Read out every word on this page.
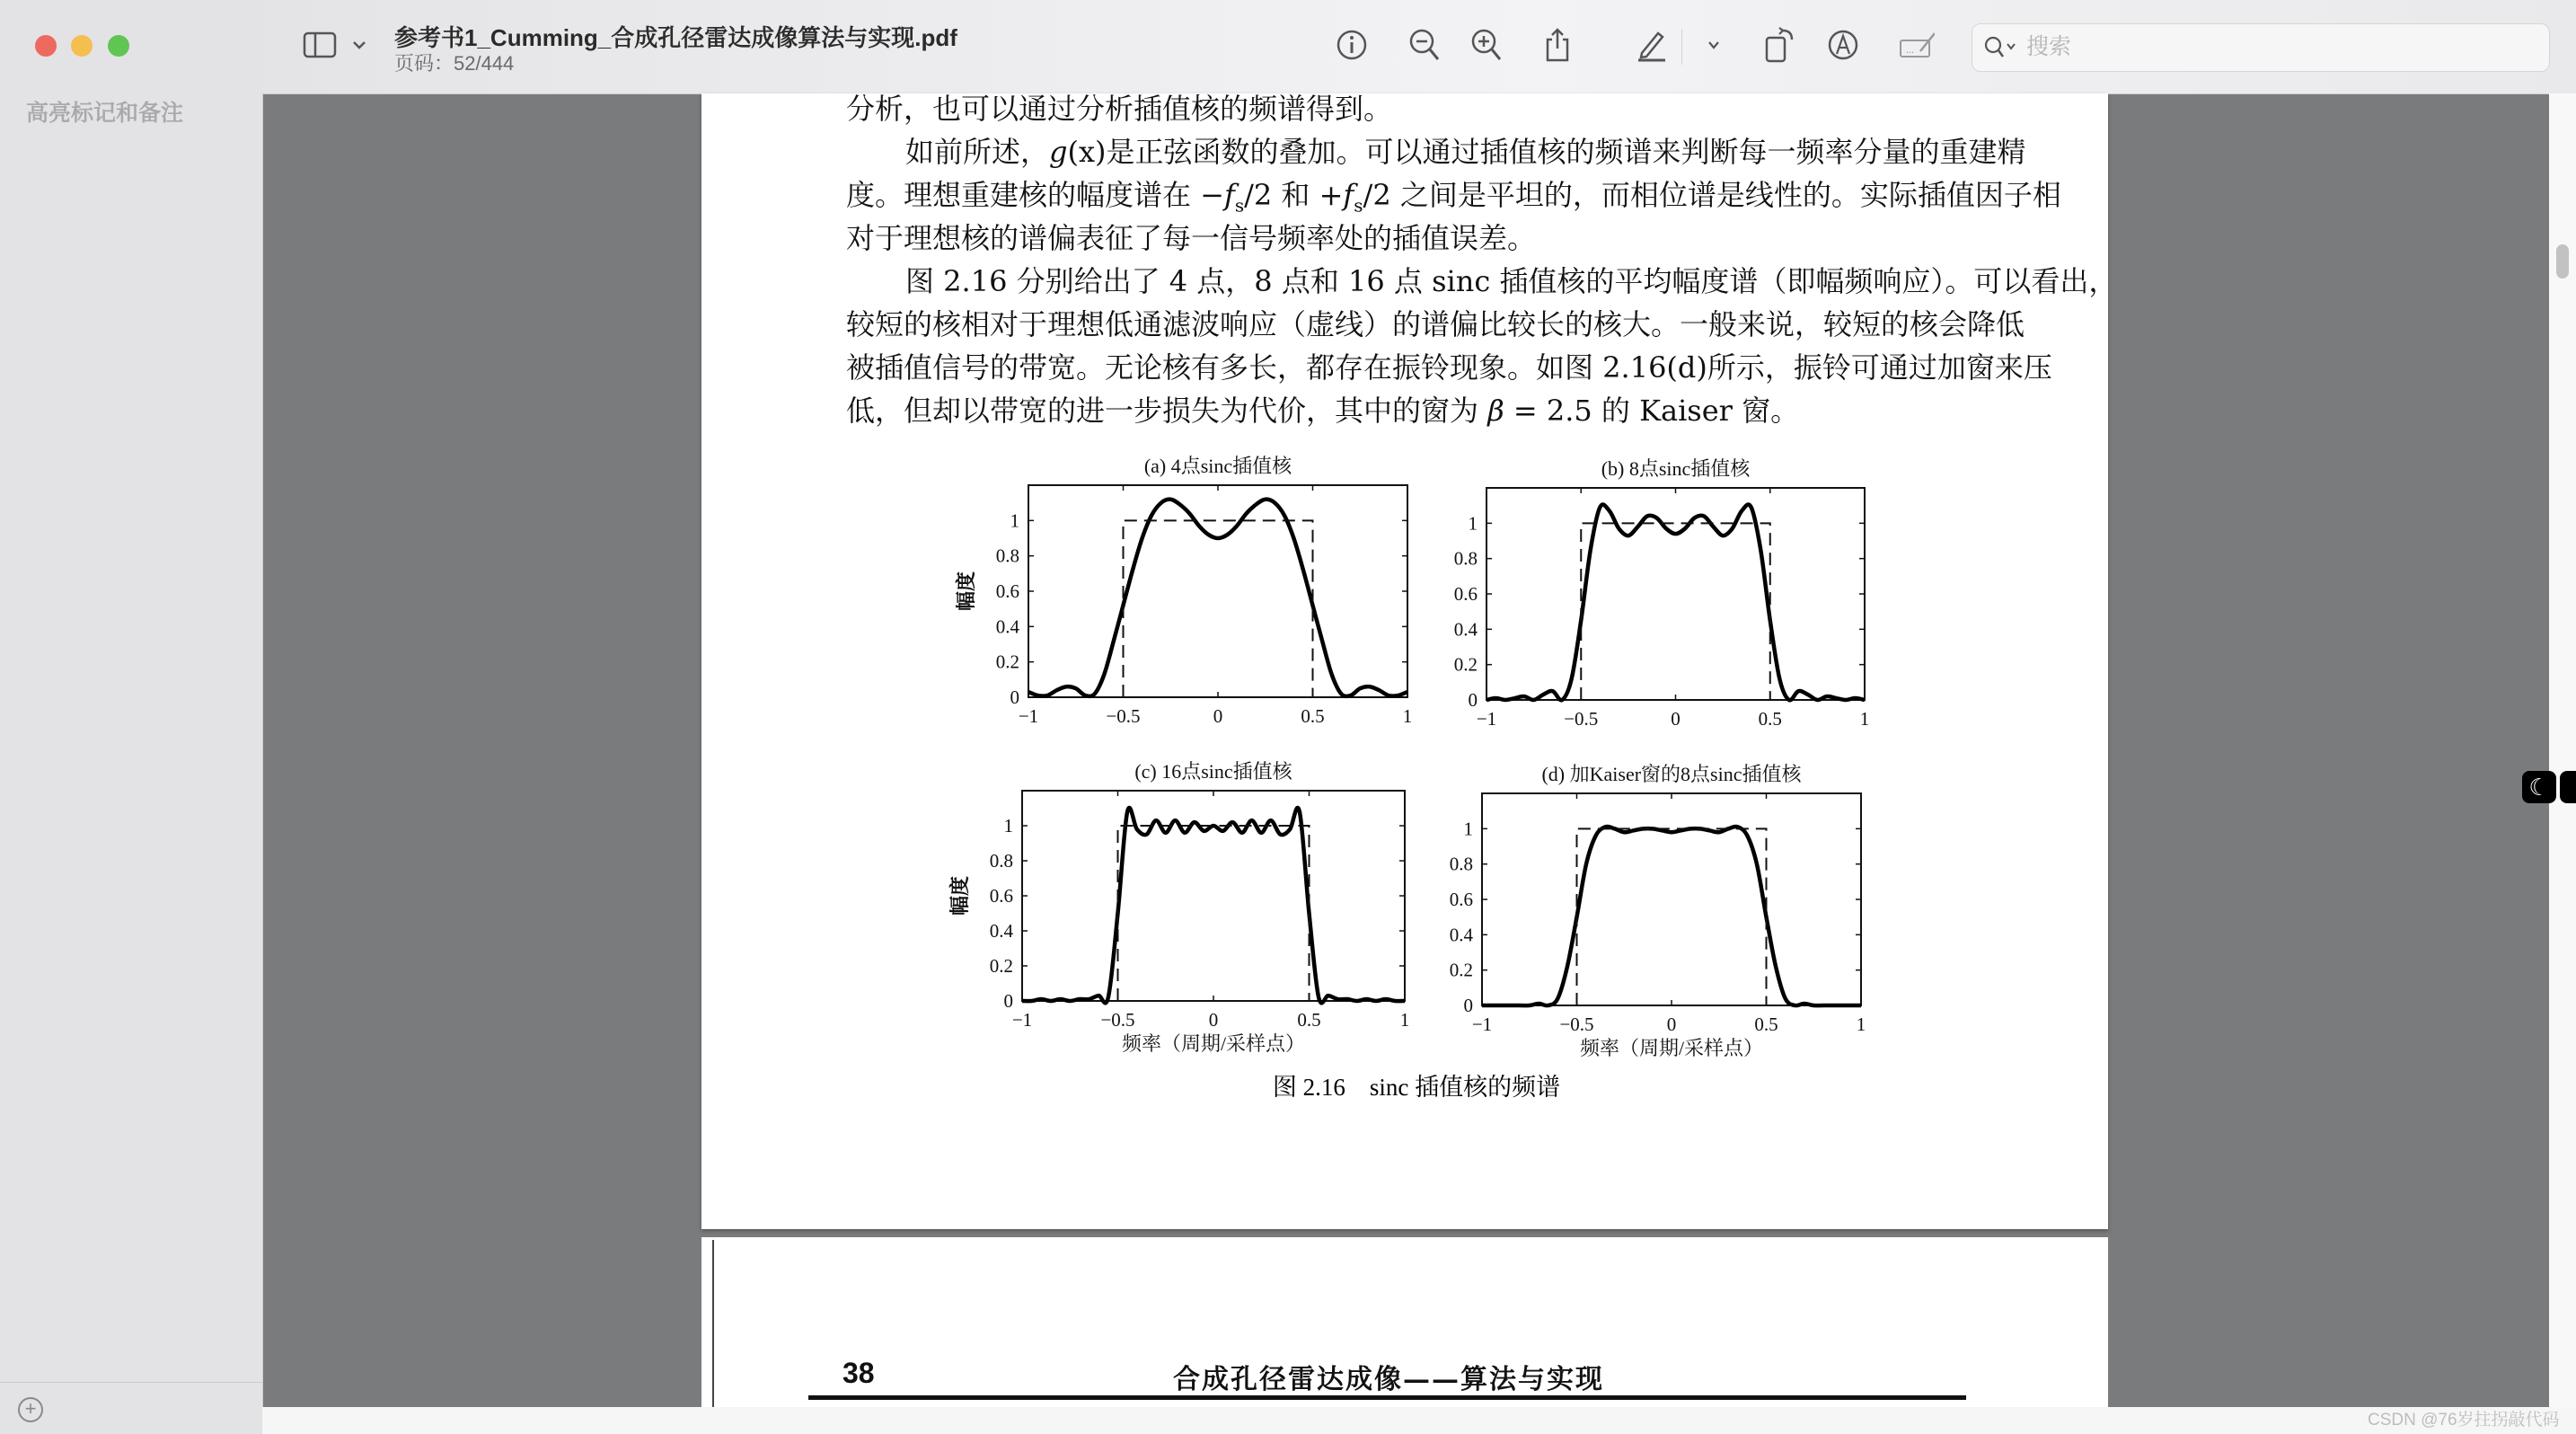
高亮标记和备注
+
参考书1_Cumming_合成孔径雷达成像算法与实现.pdf
页码：52/444
...
搜索
分析，也可以通过分析插值核的频谱得到。
如前所述，g(x)是正弦函数的叠加。可以通过插值核的频谱来判断每一频率分量的重建精
度。理想重建核的幅度谱在 $-f_s/2$ 和 $+f_s/2$ 之间是平坦的，而相位谱是线性的。实际插值因子相
对于理想核的谱偏表征了每一信号频率处的插值误差。
图 2.16 分别给出了 4 点，8 点和 16 点 sinc 插值核的平均幅度谱（即幅频响应）。可以看出，
较短的核相对于理想低通滤波响应（虚线）的谱偏比较长的核大。一般来说，较短的核会降低
被插值信号的带宽。无论核有多长，都存在振铃现象。如图 2.16(d)所示，振铃可通过加窗来压
低，但却以带宽的进一步损失为代价，其中的窗为 β = 2.5 的 Kaiser 窗。
图 2.16　sinc 插值核的频谱
(a) 4点sinc插值核
−1	−0.5	0	0.5	1
0
0.2
0.4
0.6
0.8
1
幅度
(b) 8点sinc插值核
−1	−0.5	0	0.5	1
0
0.2
0.4
0.6
0.8
1
(c) 16点sinc插值核
−1	−0.5	0	0.5	1
0
0.2
0.4
0.6
0.8
1
幅度
频率（周期/采样点）
(d) 加Kaiser窗的8点sinc插值核
−1	−0.5	0	0.5	1
0
0.2
0.4
0.6
0.8
1
频率（周期/采样点）
38	合成孔径雷达成像——算法与实现
☾
CSDN @76岁拄拐敲代码
